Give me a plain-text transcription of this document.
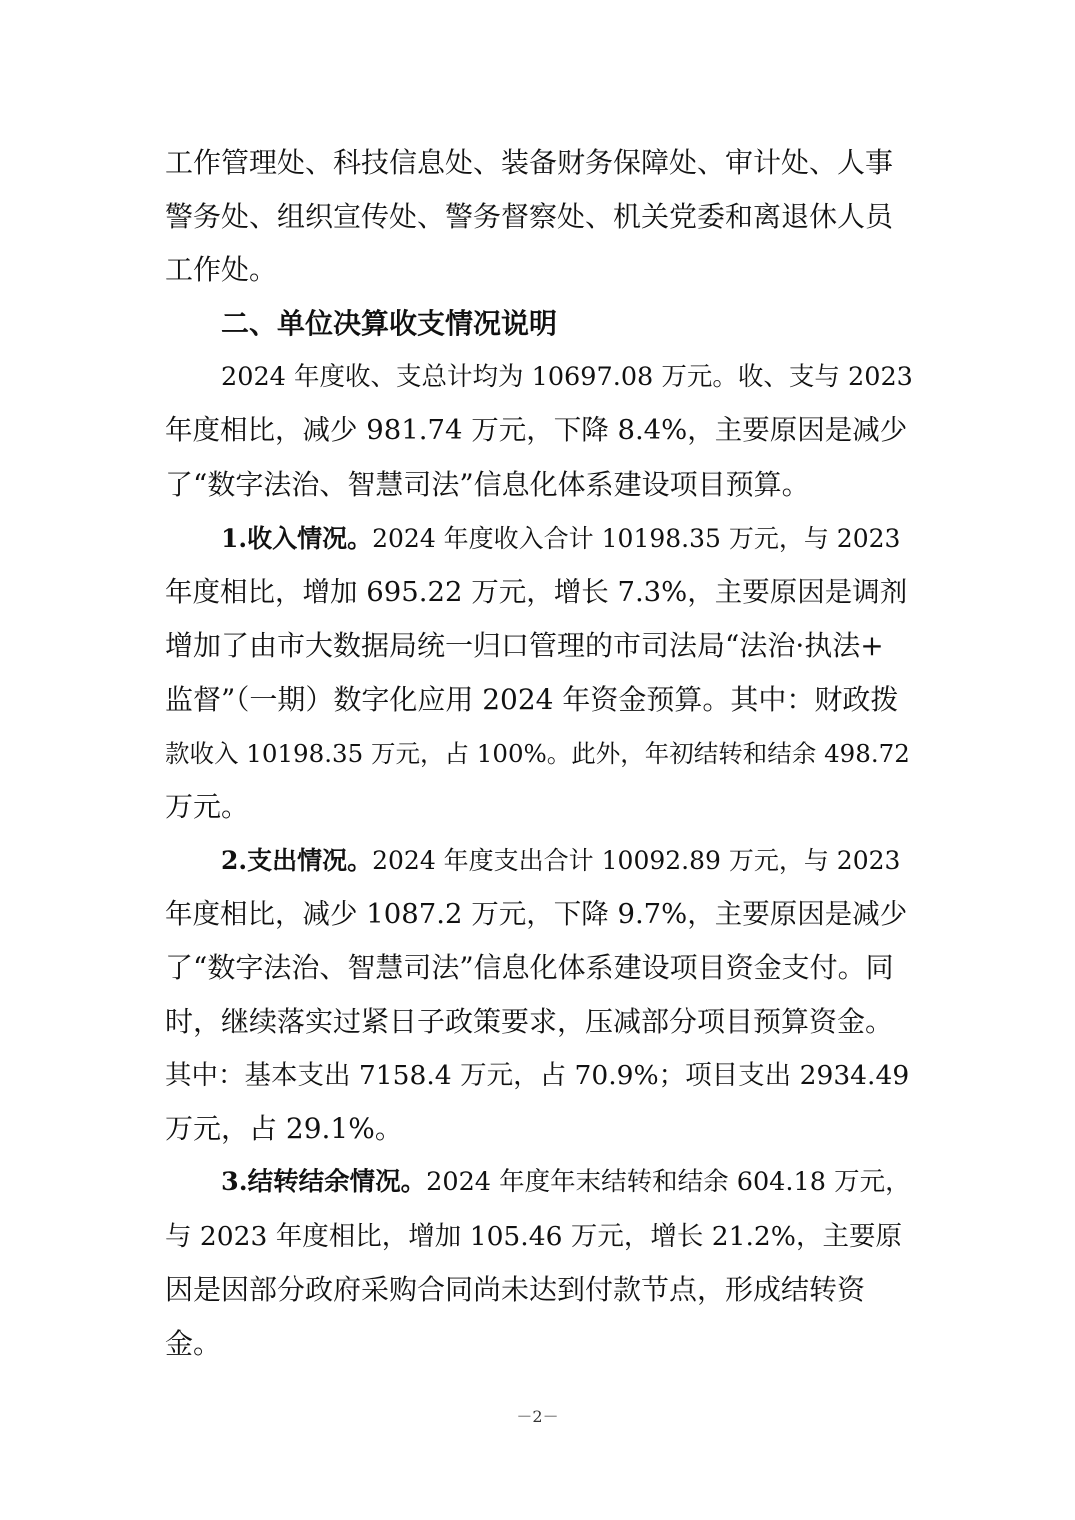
工作管理处、科技信息处、装备财务保障处、审计处、人事
警务处、组织宣传处、警务督察处、机关党委和离退休人员
工作处。
二、单位决算收支情况说明
2024 年度收、支总计均为 10697.08 万元。收、支与 2023
年度相比，减少 981.74 万元，下降 8.4%，主要原因是减少
了“数字法治、智慧司法”信息化体系建设项目预算。
1.收入情况。2024 年度收入合计 10198.35 万元，与 2023
年度相比，增加 695.22 万元，增长 7.3%，主要原因是调剂
增加了由市大数据局统一归口管理的市司法局“法治·执法+
监督”（一期）数字化应用 2024 年资金预算。其中：财政拨
款收入 10198.35 万元，占 100%。此外，年初结转和结余 498.72
万元。
2.支出情况。2024 年度支出合计 10092.89 万元，与 2023
年度相比，减少 1087.2 万元，下降 9.7%，主要原因是减少
了“数字法治、智慧司法”信息化体系建设项目资金支付。同
时，继续落实过紧日子政策要求，压减部分项目预算资金。
其中：基本支出 7158.4 万元，占 70.9%；项目支出 2934.49
万元，占 29.1%。
3.结转结余情况。2024 年度年末结转和结余 604.18 万元，
与 2023 年度相比，增加 105.46 万元，增长 21.2%，主要原
因是因部分政府采购合同尚未达到付款节点，形成结转资
金。
－2－
